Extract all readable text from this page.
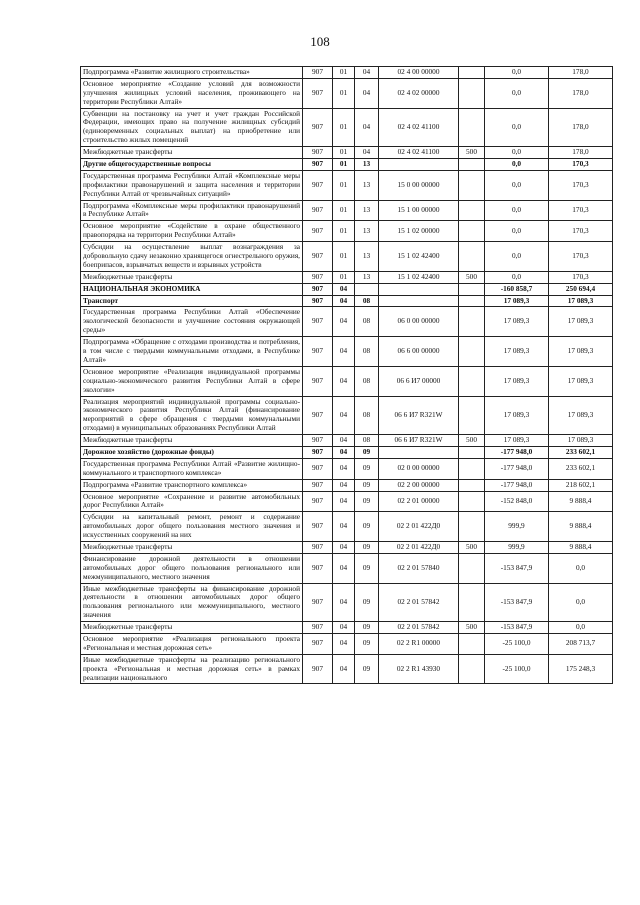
108
Подпрограмма «Развитие жилищного строительства»	907	01	04	02 4 00 00000		0,0	178,0
Основное мероприятие «Создание условий для возможности улучшения жилищных условий населения, проживающего на территории Республики Алтай»	907	01	04	02 4 02 00000		0,0	178,0
Субвенции на постановку на учет и учет граждан Российской Федерации, имеющих право на получение жилищных субсидий (единовременных социальных выплат) на приобретение или строительство жилых помещений	907	01	04	02 4 02 41100		0,0	178,0
Межбюджетные трансферты	907	01	04	02 4 02 41100	500	0,0	178,0
Другие общегосударственные вопросы	907	01	13			0,0	170,3
Государственная программа Республики Алтай «Комплексные меры профилактики правонарушений и защита населения и территории Республики Алтай от чрезвычайных ситуаций»	907	01	13	15 0 00 00000		0,0	170,3
Подпрограмма «Комплексные меры профилактики правонарушений в Республике Алтай»	907	01	13	15 1 00 00000		0,0	170,3
Основное мероприятие «Содействие в охране общественного правопорядка на территории Республики Алтай»	907	01	13	15 1 02 00000		0,0	170,3
Субсидии на осуществление выплат вознаграждения за добровольную сдачу незаконно хранящегося огнестрельного оружия, боеприпасов, взрывчатых веществ и взрывных устройств	907	01	13	15 1 02 42400		0,0	170,3
Межбюджетные трансферты	907	01	13	15 1 02 42400	500	0,0	170,3
НАЦИОНАЛЬНАЯ ЭКОНОМИКА	907	04				-160 858,7	250 694,4
Транспорт	907	04	08			17 089,3	17 089,3
Государственная программа Республики Алтай «Обеспечение экологической безопасности и улучшение состояния окружающей среды»	907	04	08	06 0 00 00000		17 089,3	17 089,3
Подпрограмма «Обращение с отходами производства и потребления, в том числе с твердыми коммунальными отходами, в Республике Алтай»	907	04	08	06 6 00 00000		17 089,3	17 089,3
Основное мероприятие «Реализация индивидуальной программы социально-экономического развития Республики Алтай в сфере экологии»	907	04	08	06 6 И7 00000		17 089,3	17 089,3
Реализация мероприятий индивидуальной программы социально-экономического развития Республики Алтай (финансирование мероприятий в сфере обращения с твердыми коммунальными отходами) в муниципальных образованиях Республики Алтай	907	04	08	06 6 И7 R321W		17 089,3	17 089,3
Межбюджетные трансферты	907	04	08	06 6 И7 R321W	500	17 089,3	17 089,3
Дорожное хозяйство (дорожные фонды)	907	04	09			-177 948,0	233 602,1
Государственная программа Республики Алтай «Развитие жилищно-коммунального и транспортного комплекса»	907	04	09	02 0 00 00000		-177 948,0	233 602,1
Подпрограмма «Развитие транспортного комплекса»	907	04	09	02 2 00 00000		-177 948,0	218 602,1
Основное мероприятие «Сохранение и развитие автомобильных дорог Республики Алтай»	907	04	09	02 2 01 00000		-152 848,0	9 888,4
Субсидии на капитальный ремонт, ремонт и содержание автомобильных дорог общего пользования местного значения и искусственных сооружений на них	907	04	09	02 2 01 422Д0		999,9	9 888,4
Межбюджетные трансферты	907	04	09	02 2 01 422Д0	500	999,9	9 888,4
Финансирование дорожной деятельности в отношении автомобильных дорог общего пользования регионального или межмуниципального, местного значения	907	04	09	02 2 01 57840		-153 847,9	0,0
Иные межбюджетные трансферты на финансирование дорожной деятельности в отношении автомобильных дорог общего пользования регионального или межмуниципального, местного значения	907	04	09	02 2 01 57842		-153 847,9	0,0
Межбюджетные трансферты	907	04	09	02 2 01 57842	500	-153 847,9	0,0
Основное мероприятие «Реализация регионального проекта «Региональная и местная дорожная сеть»	907	04	09	02 2 R1 00000		-25 100,0	208 713,7
Иные межбюджетные трансферты на реализацию регионального проекта «Региональная и местная дорожная сеть» в рамках реализации национального	907	04	09	02 2 R1 43930		-25 100,0	175 248,3
